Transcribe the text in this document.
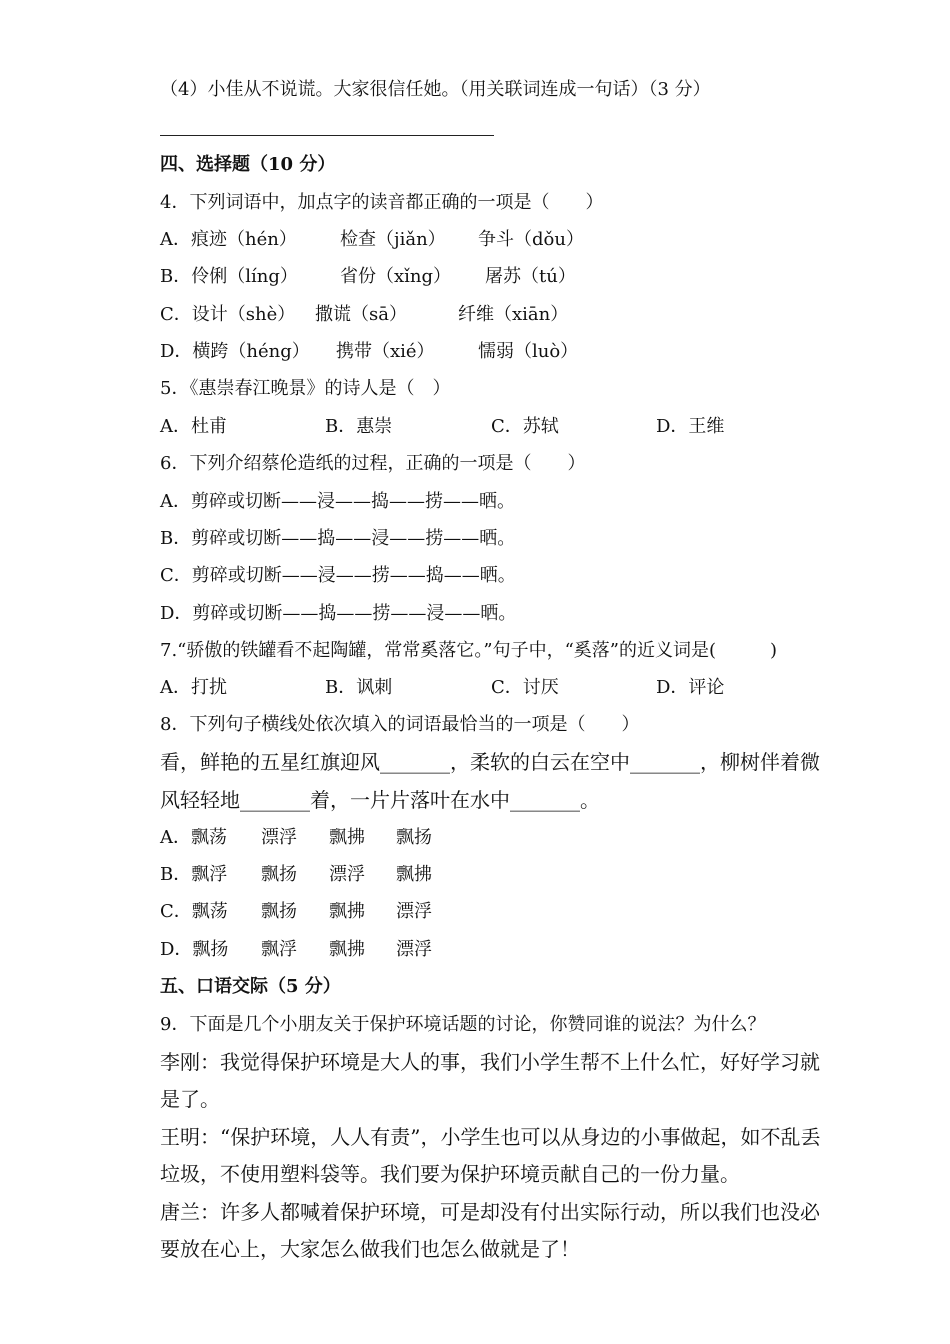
（4）小佳从不说谎。大家很信任她。（用关联词连成一句话）（3 分）
四、选择题（10 分）
4．下列词语中，加点字的读音都正确的一项是（　　）
A．痕迹（hén） 检查（jiǎn） 争斗（dǒu）
B．伶俐（líng） 省份（xǐng） 屠苏（tú）
C．设计（shè） 撒谎（sā）	纤维（xiān）
D．横跨（héng） 携带（xié） 懦弱（luò）
5．《惠崇春江晚景》的诗人是（　）
A．杜甫	B．惠崇	C．苏轼	D．王维
6．下列介绍蔡伦造纸的过程，正确的一项是（　　）
A．剪碎或切断——浸——捣——捞——晒。
B．剪碎或切断——捣——浸——捞——晒。
C．剪碎或切断——浸——捞——捣——晒。
D．剪碎或切断——捣——捞——浸——晒。
7.“骄傲的铁罐看不起陶罐，常常奚落它。”句子中，“奚落”的近义词是(　　　)
A．打扰	B．讽刺	C．讨厌	D．评论
8．下列句子横线处依次填入的词语最恰当的一项是（　　）
看，鲜艳的五星红旗迎风_______，柔软的白云在空中_______，柳树伴着微
风轻轻地_______着，一片片落叶在水中_______。
A．飘荡 漂浮 飘拂 飘扬
B．飘浮 飘扬 漂浮 飘拂
C．飘荡 飘扬 飘拂 漂浮
D．飘扬 飘浮 飘拂 漂浮
五、口语交际（5 分）
9．下面是几个小朋友关于保护环境话题的讨论，你赞同谁的说法？为什么？
李刚：我觉得保护环境是大人的事，我们小学生帮不上什么忙，好好学习就
是了。
王明：“保护环境，人人有责”，小学生也可以从身边的小事做起，如不乱丢
垃圾，不使用塑料袋等。我们要为保护环境贡献自己的一份力量。
唐兰：许多人都喊着保护环境，可是却没有付出实际行动，所以我们也没必
要放在心上，大家怎么做我们也怎么做就是了！
